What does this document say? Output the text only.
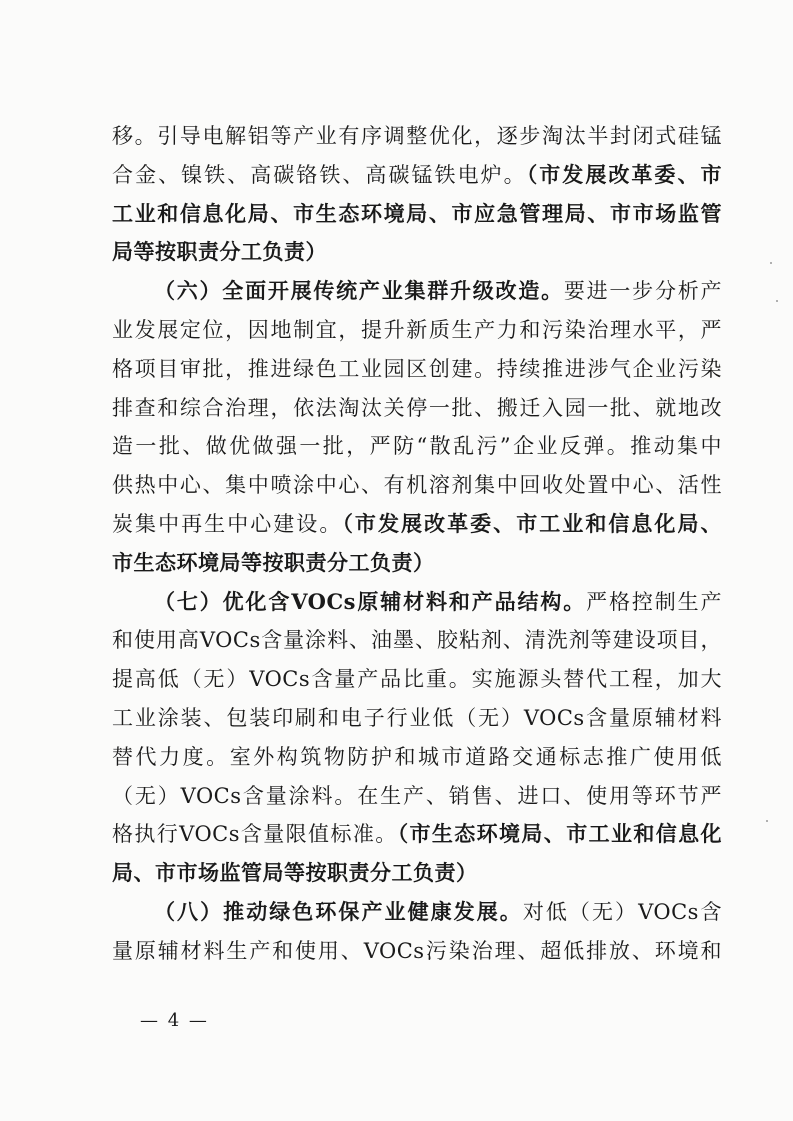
移。引导电解铝等产业有序调整优化，逐步淘汰半封闭式硅锰
合金、镍铁、高碳铬铁、高碳锰铁电炉。（市发展改革委、市
工业和信息化局、市生态环境局、市应急管理局、市市场监管
局等按职责分工负责）
（六）全面开展传统产业集群升级改造。要进一步分析产
业发展定位，因地制宜，提升新质生产力和污染治理水平，严
格项目审批，推进绿色工业园区创建。持续推进涉气企业污染
排查和综合治理，依法淘汰关停一批、搬迁入园一批、就地改
造一批、做优做强一批，严防“散乱污”企业反弹。推动集中
供热中心、集中喷涂中心、有机溶剂集中回收处置中心、活性
炭集中再生中心建设。（市发展改革委、市工业和信息化局、
市生态环境局等按职责分工负责）
（七）优化含VOCs原辅材料和产品结构。严格控制生产
和使用高VOCs含量涂料、油墨、胶粘剂、清洗剂等建设项目，
提高低（无）VOCs含量产品比重。实施源头替代工程，加大
工业涂装、包装印刷和电子行业低（无）VOCs含量原辅材料
替代力度。室外构筑物防护和城市道路交通标志推广使用低
（无）VOCs含量涂料。在生产、销售、进口、使用等环节严
格执行VOCs含量限值标准。（市生态环境局、市工业和信息化
局、市市场监管局等按职责分工负责）
（八）推动绿色环保产业健康发展。对低（无）VOCs含
量原辅材料生产和使用、VOCs污染治理、超低排放、环境和
— 4 —
